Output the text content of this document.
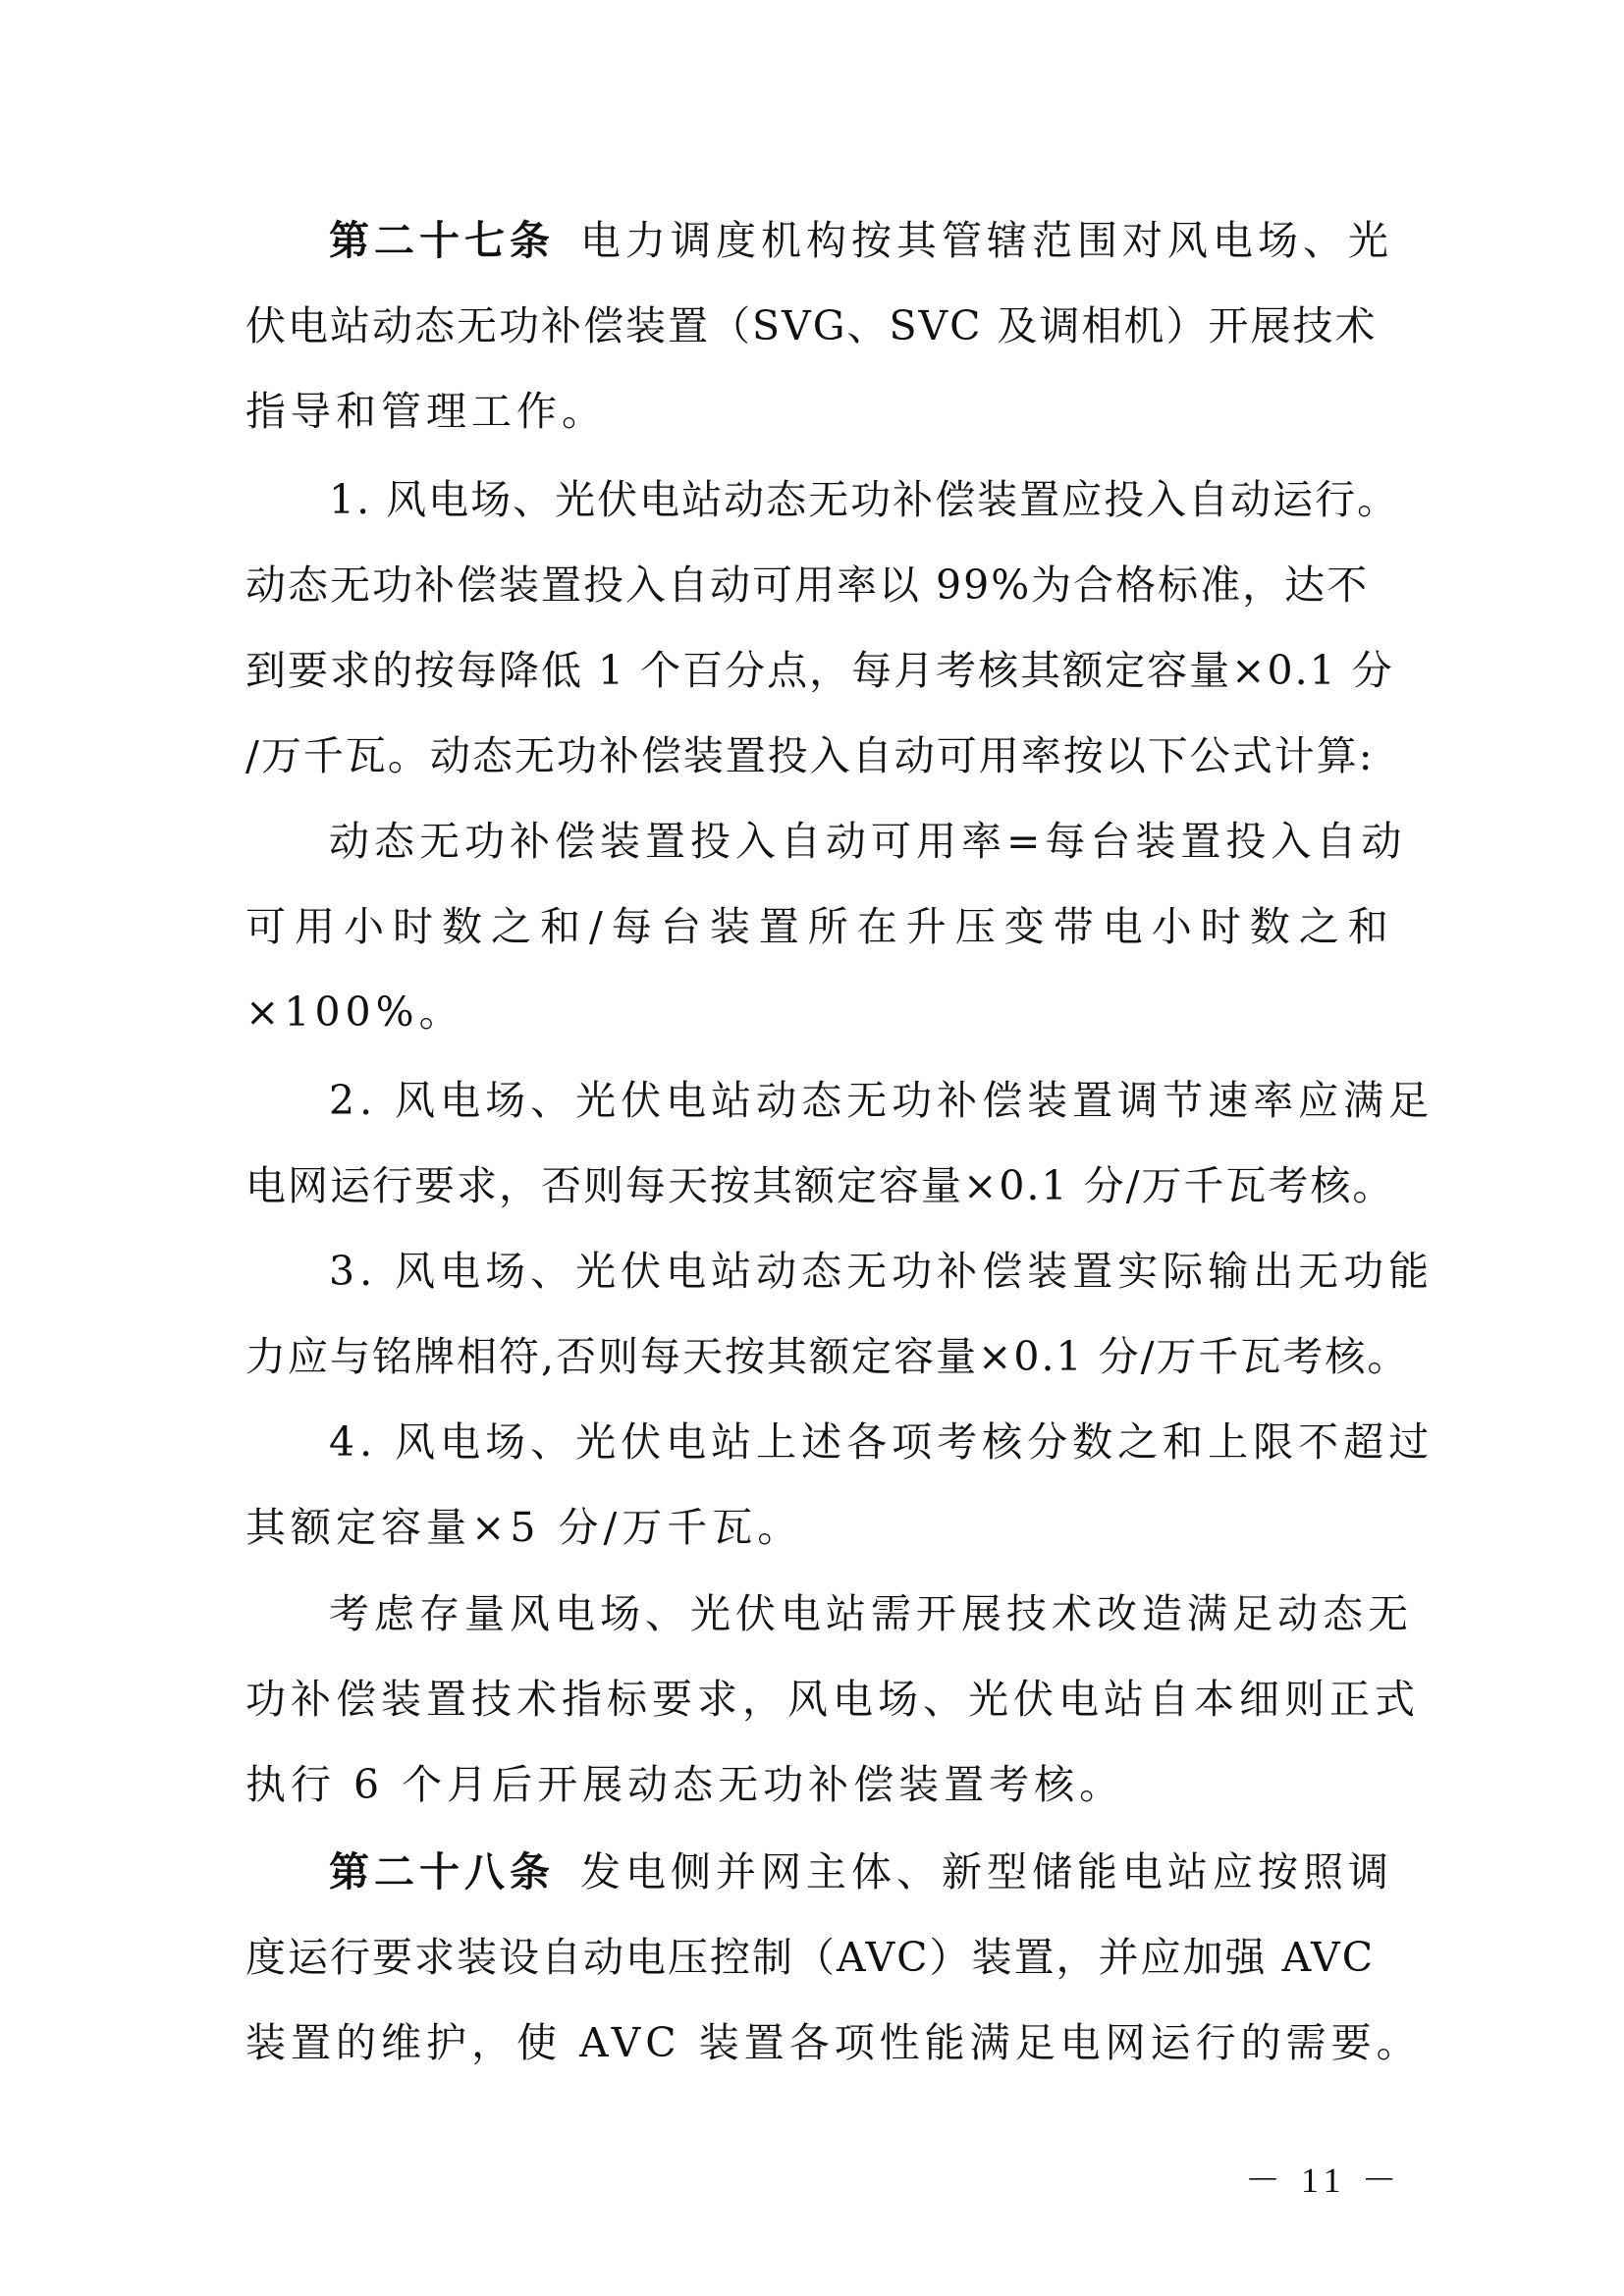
第二十七条 电力调度机构按其管辖范围对风电场、光
伏电站动态无功补偿装置（SVG、SVC 及调相机）开展技术
指导和管理工作。
1. 风电场、光伏电站动态无功补偿装置应投入自动运行。
动态无功补偿装置投入自动可用率以 99%为合格标准，达不
到要求的按每降低 1 个百分点，每月考核其额定容量×0.1 分
/万千瓦。动态无功补偿装置投入自动可用率按以下公式计算:
动态无功补偿装置投入自动可用率=每台装置投入自动
可用小时数之和/每台装置所在升压变带电小时数之和
×100%。
2. 风电场、光伏电站动态无功补偿装置调节速率应满足
电网运行要求，否则每天按其额定容量×0.1 分/万千瓦考核。
3. 风电场、光伏电站动态无功补偿装置实际输出无功能
力应与铭牌相符,否则每天按其额定容量×0.1 分/万千瓦考核。
4. 风电场、光伏电站上述各项考核分数之和上限不超过
其额定容量×5 分/万千瓦。
考虑存量风电场、光伏电站需开展技术改造满足动态无
功补偿装置技术指标要求，风电场、光伏电站自本细则正式
执行 6 个月后开展动态无功补偿装置考核。
第二十八条 发电侧并网主体、新型储能电站应按照调
度运行要求装设自动电压控制（AVC）装置，并应加强 AVC
装置的维护，使 AVC 装置各项性能满足电网运行的需要。
－ 11 －
